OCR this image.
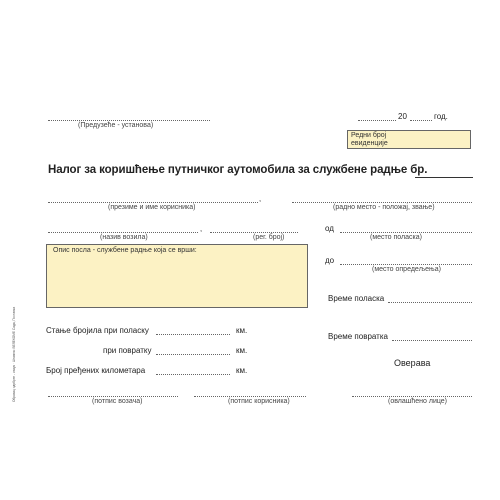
20	год.
(Предузеће - установа)
Редни број
евиденције
Налог за коришћење путничког аутомобила за службене радње бр.
,
(презиме и име корисника)	(радно место - положај, звање)
,
(назив возила)	(рег. број)
од
(место поласка)
Опис посла - службене радње која се врши:
до
(место опредељења)
Време поласка
Време повратка
Оверава
Стање бројила при поласку	км.
при повратку	км.
Број пређених километара	км.
(потпис возача)	(потпис корисника)	(овлашћено лице)
Образац одобрен - изаук · Штампа: ВЕЛЕКОМЕ Сада, Поставка
